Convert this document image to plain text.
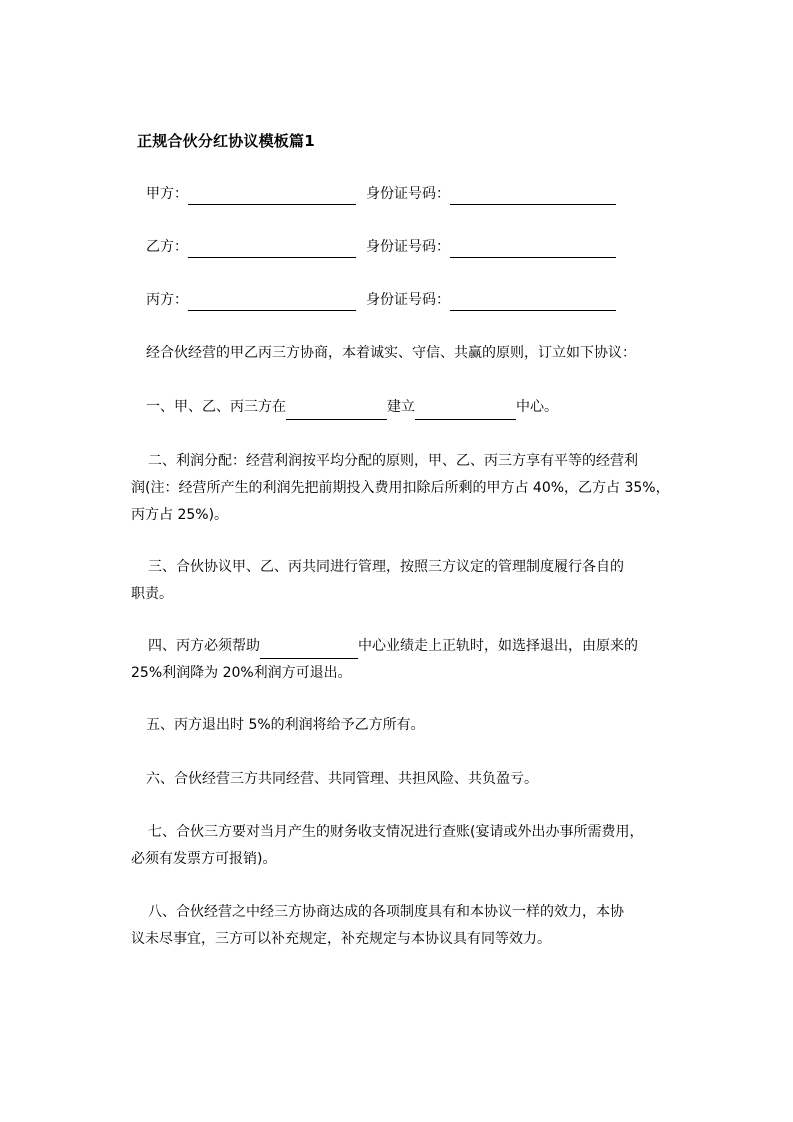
正规合伙分红协议模板篇1
甲方：	身份证号码：
乙方：	身份证号码：
丙方：	身份证号码：
经合伙经营的甲乙丙三方协商，本着诚实、守信、共赢的原则，订立如下协议：
一、甲、乙、丙三方在	建立	中心。
二、利润分配：经营利润按平均分配的原则，甲、乙、丙三方享有平等的经营利
润(注：经营所产生的利润先把前期投入费用扣除后所剩的甲方占 40%，乙方占 35%，
丙方占 25%)。
三、合伙协议甲、乙、丙共同进行管理，按照三方议定的管理制度履行各自的
职责。
四、丙方必须帮助	中心业绩走上正轨时，如选择退出，由原来的
25%利润降为 20%利润方可退出。
五、丙方退出时 5%的利润将给予乙方所有。
六、合伙经营三方共同经营、共同管理、共担风险、共负盈亏。
七、合伙三方要对当月产生的财务收支情况进行查账(宴请或外出办事所需费用，
必须有发票方可报销)。
八、合伙经营之中经三方协商达成的各项制度具有和本协议一样的效力，本协
议未尽事宜，三方可以补充规定，补充规定与本协议具有同等效力。
